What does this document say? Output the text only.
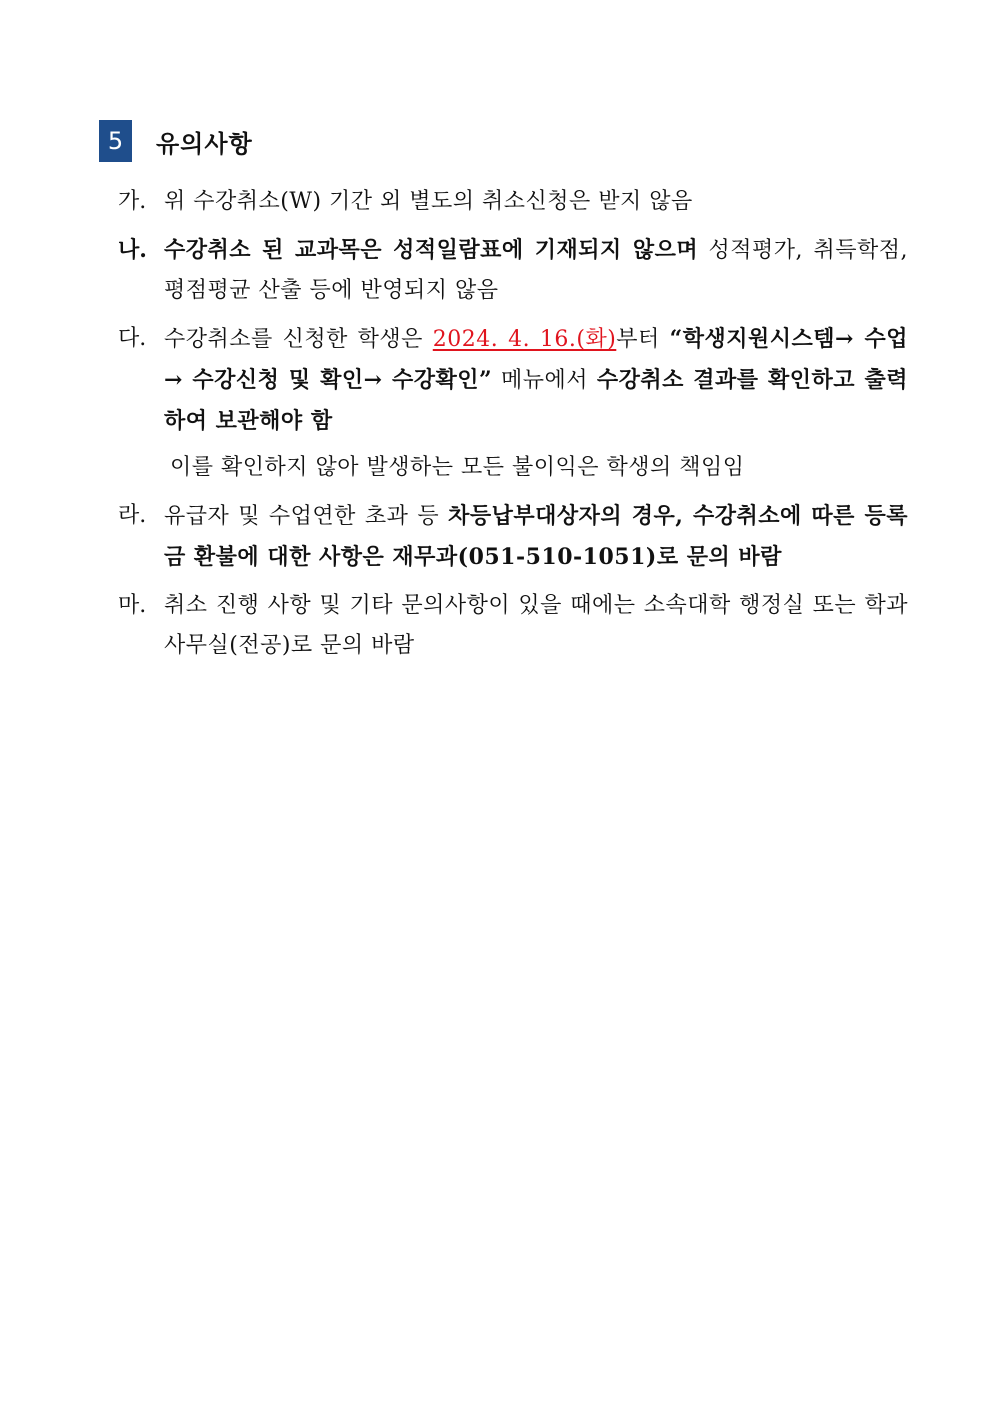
5	유의사항
가. 위 수강취소(W) 기간 외 별도의 취소신청은 받지 않음
나. 수강취소 된 교과목은 성적일람표에 기재되지 않으며 성적평가, 취득학점, 평점평균 산출 등에 반영되지 않음
다. 수강취소를 신청한 학생은 2024. 4. 16.(화)부터 “학생지원시스템→ 수업→ 수강신청 및 확인→ 수강확인” 메뉴에서 수강취소 결과를 확인하고 출력하여 보관해야 함
이를 확인하지 않아 발생하는 모든 불이익은 학생의 책임임
라. 유급자 및 수업연한 초과 등 차등납부대상자의 경우, 수강취소에 따른 등록금 환불에 대한 사항은 재무과(051-510-1051)로 문의 바람
마. 취소 진행 사항 및 기타 문의사항이 있을 때에는 소속대학 행정실 또는 학과 사무실(전공)로 문의 바람
